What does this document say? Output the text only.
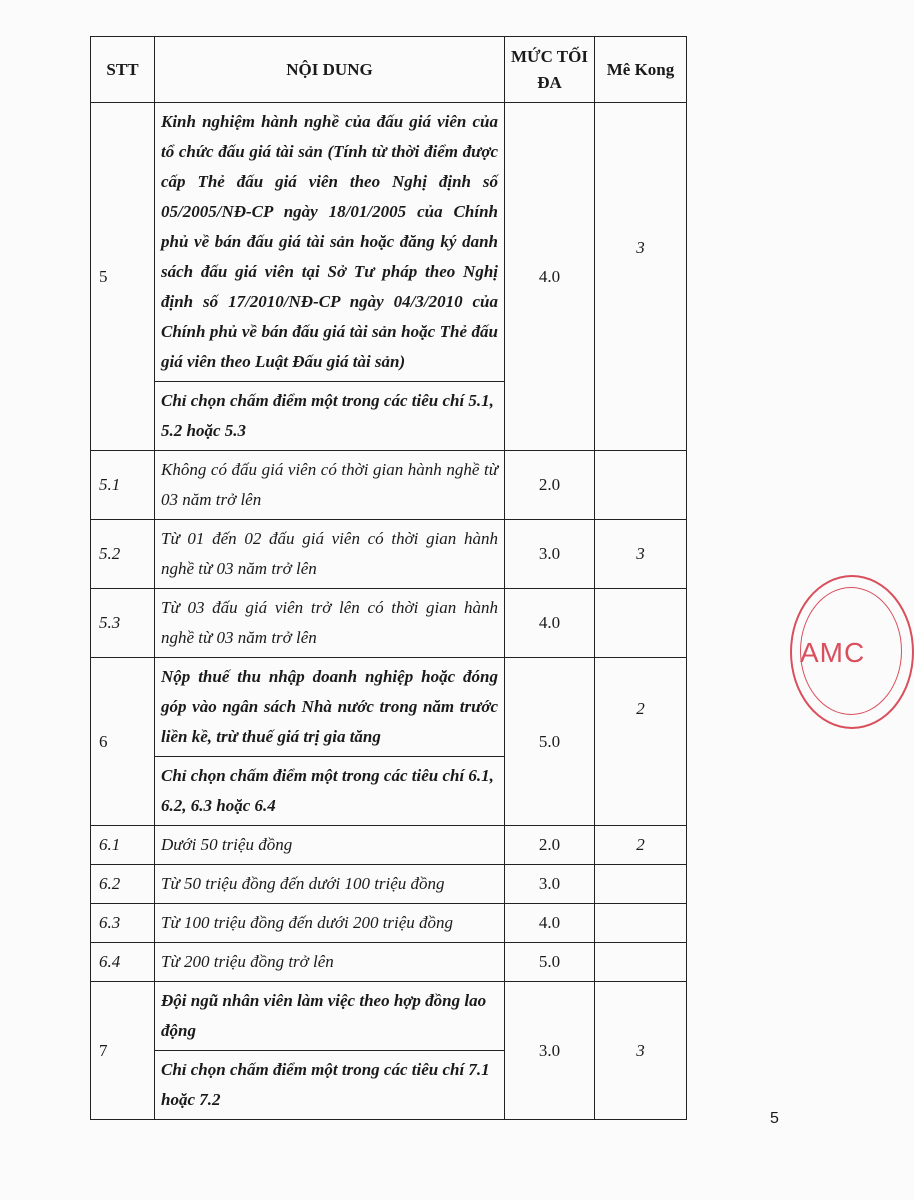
STT	NỘI DUNG	MỨC TỐI ĐA	Mê Kong
5	Kinh nghiệm hành nghề của đấu giá viên của tổ chức đấu giá tài sản (Tính từ thời điểm được cấp Thẻ đấu giá viên theo Nghị định số 05/2005/NĐ-CP ngày 18/01/2005 của Chính phủ về bán đấu giá tài sản hoặc đăng ký danh sách đấu giá viên tại Sở Tư pháp theo Nghị định số 17/2010/NĐ-CP ngày 04/3/2010 của Chính phủ về bán đấu giá tài sản hoặc Thẻ đấu giá viên theo Luật Đấu giá tài sản)	4.0	3
	Chỉ chọn chấm điểm một trong các tiêu chí 5.1, 5.2 hoặc 5.3		
5.1	Không có đấu giá viên có thời gian hành nghề từ 03 năm trở lên	2.0	
5.2	Từ 01 đến 02 đấu giá viên có thời gian hành nghề từ 03 năm trở lên	3.0	3
5.3	Từ 03 đấu giá viên trở lên có thời gian hành nghề từ 03 năm trở lên	4.0	
6	Nộp thuế thu nhập doanh nghiệp hoặc đóng góp vào ngân sách Nhà nước trong năm trước liền kề, trừ thuế giá trị gia tăng	5.0	2
	Chỉ chọn chấm điểm một trong các tiêu chí 6.1, 6.2, 6.3 hoặc 6.4		
6.1	Dưới 50 triệu đồng	2.0	2
6.2	Từ 50 triệu đồng đến dưới 100 triệu đồng	3.0	
6.3	Từ 100 triệu đồng đến dưới 200 triệu đồng	4.0	
6.4	Từ 200 triệu đồng trở lên	5.0	
7	Đội ngũ nhân viên làm việc theo hợp đồng lao động	3.0	3
	Chỉ chọn chấm điểm một trong các tiêu chí 7.1 hoặc 7.2		
AMC
5
